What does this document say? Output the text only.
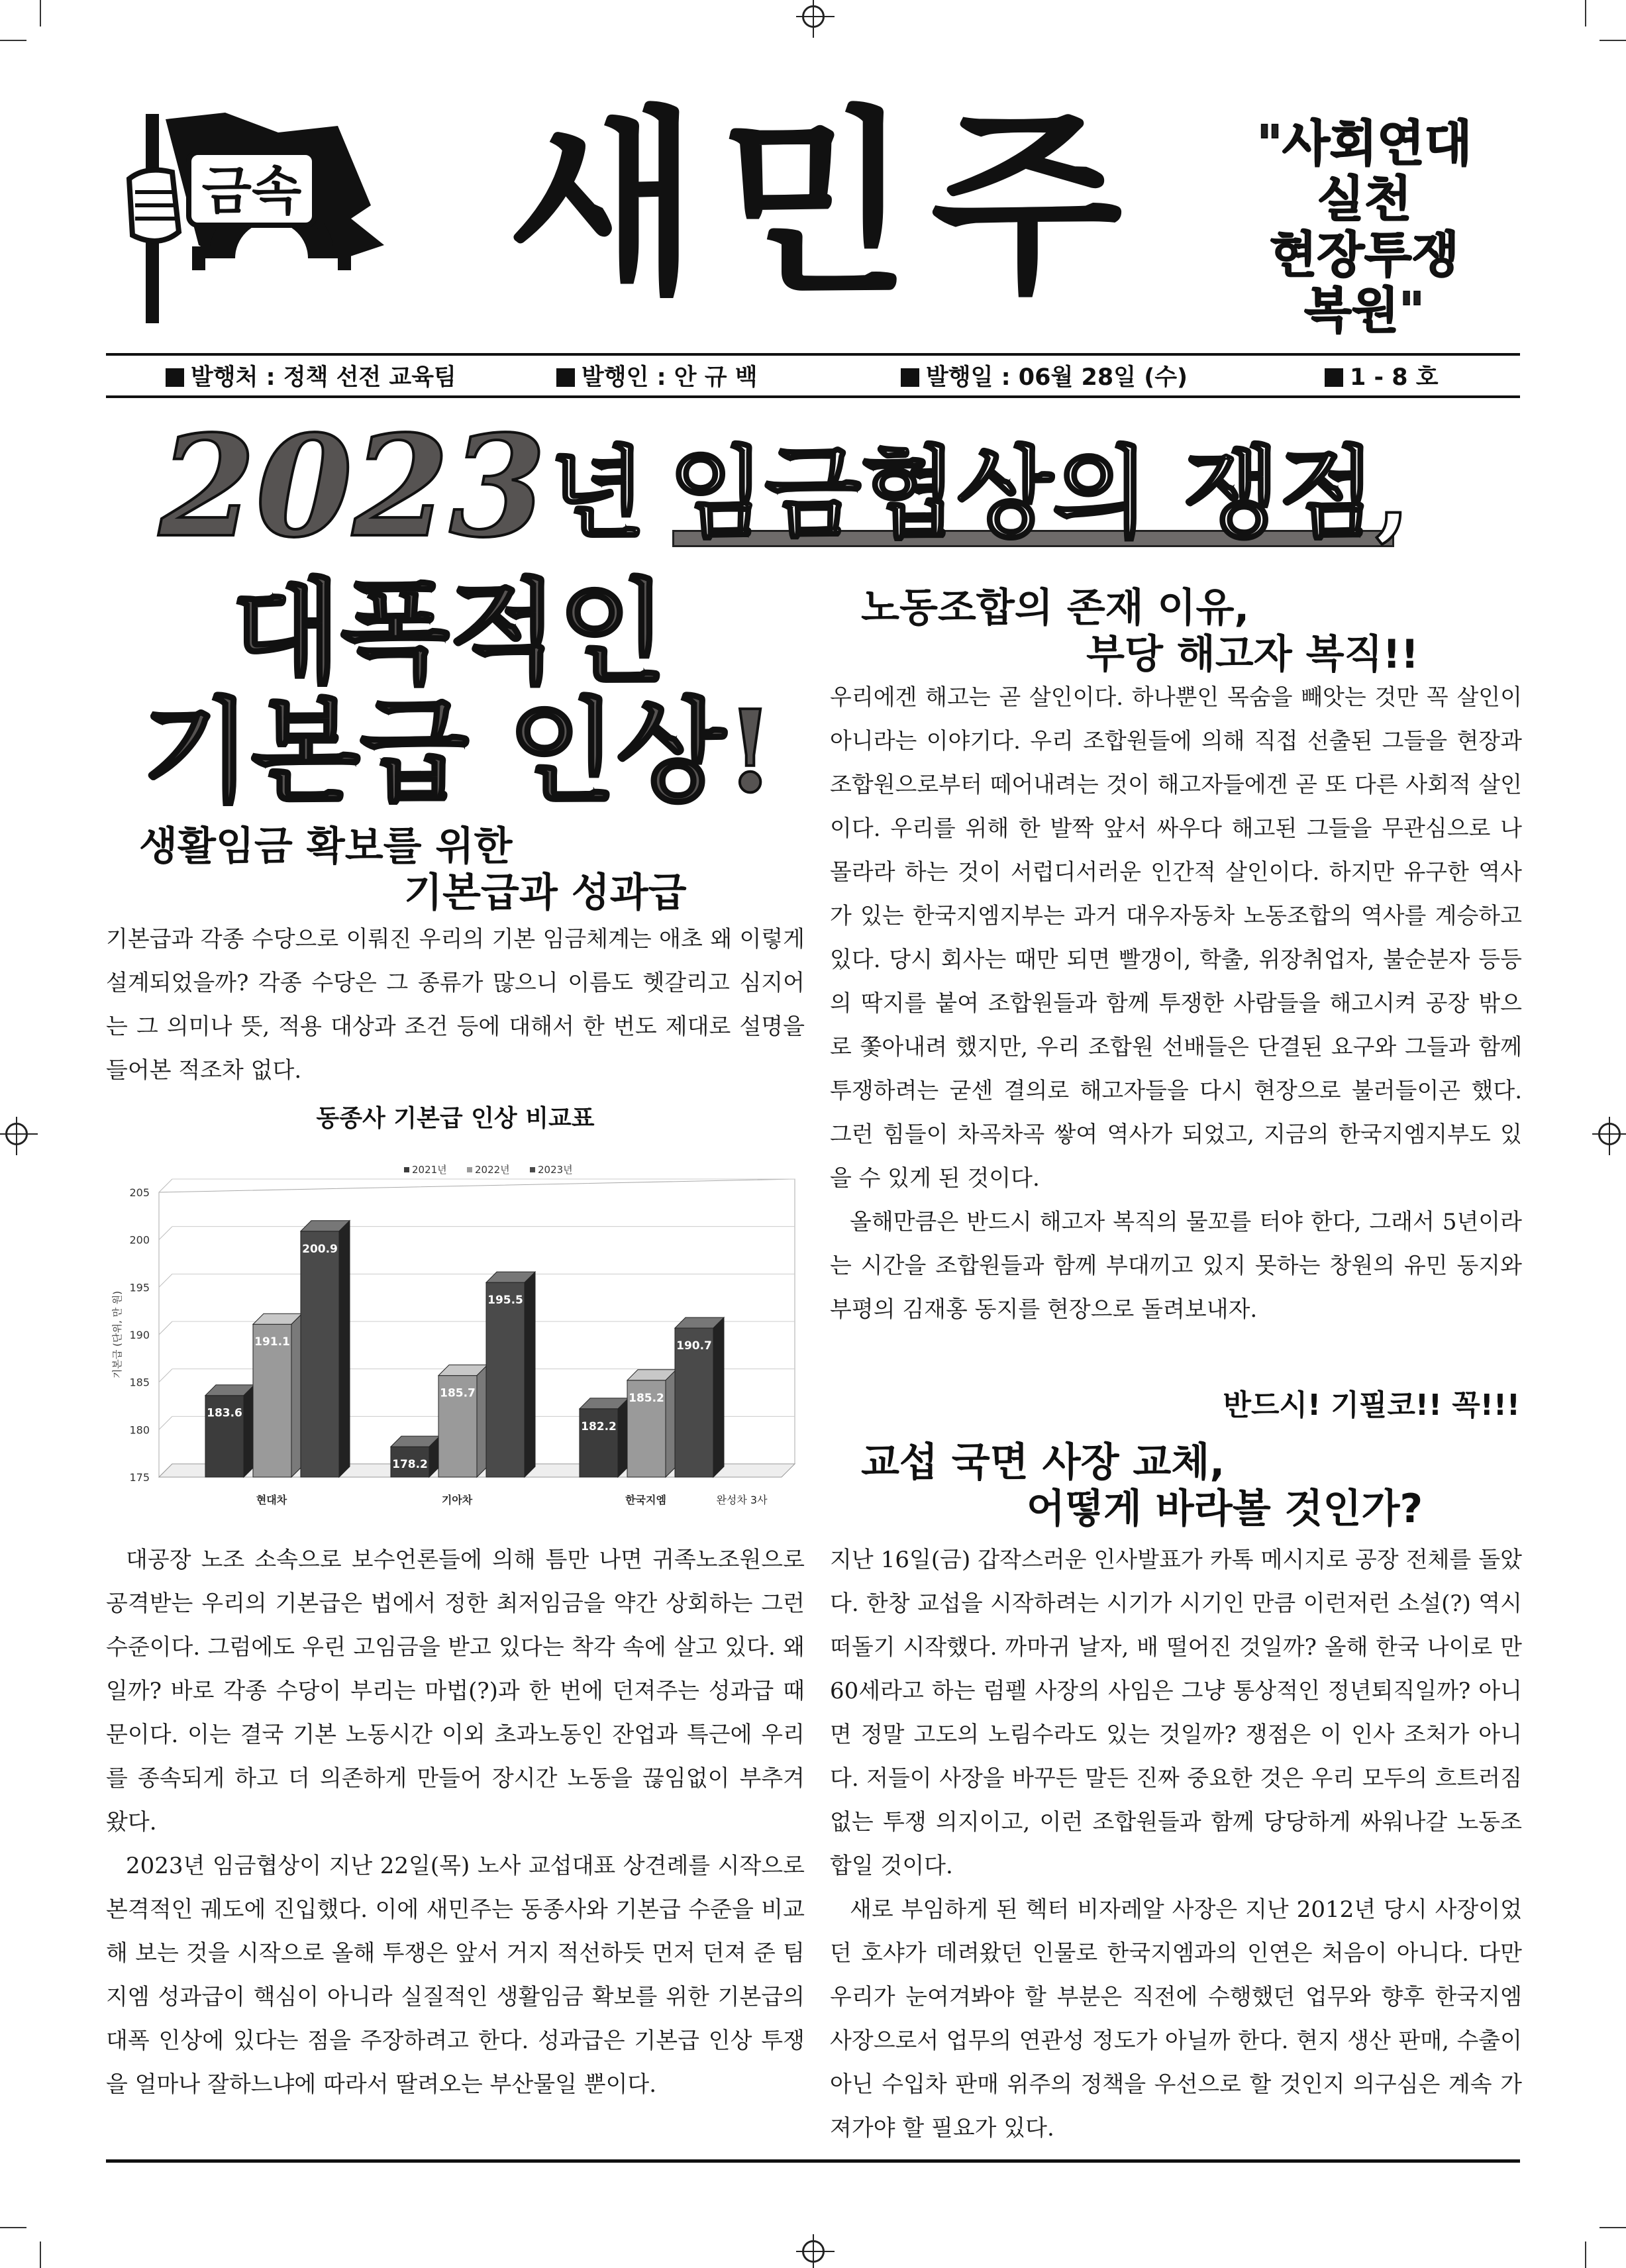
금속 새민주	"사회연대
실천
현장투쟁
복원"
발행처 : 정책 선전 교육팀	발행인 : 안 규 백	발행일 : 06월 28일 (수)	1 - 8 호
2023 년 임금협상의 쟁점,
대폭적인
기본급 인상!
생활임금 확보를 위한
기본급과 성과급

기본급과 각종 수당으로 이뤄진 우리의 기본 임금체계는 애초 왜 이렇게 설계되었을까? 각종 수당은 그 종류가 많으니 이름도 헷갈리고 심지어는 그 의미나 뜻, 적용 대상과 조건 등에 대해서 한 번도 제대로 설명을 들어본 적조차 없다.

동종사 기본급 인상 비교표
175
180
185
190
195
200
205
기본급 (단위, 만 원)
2021년	2022년	2023년
183.6
191.1
200.9
현대차
178.2
185.7
195.5
기아차
182.2
185.2
190.7
한국지엠	완성차 3사

대공장 노조 소속으로 보수언론들에 의해 틈만 나면 귀족노조원으로 공격받는 우리의 기본급은 법에서 정한 최저임금을 약간 상회하는 그런 수준이다. 그럼에도 우린 고임금을 받고 있다는 착각 속에 살고 있다. 왜일까? 바로 각종 수당이 부리는 마법(?)과 한 번에 던져주는 성과급 때문이다. 이는 결국 기본 노동시간 이외 초과노동인 잔업과 특근에 우리를 종속되게 하고 더 의존하게 만들어 장시간 노동을 끊임없이 부추겨 왔다.

2023년 임금협상이 지난 22일(목) 노사 교섭대표 상견례를 시작으로 본격적인 궤도에 진입했다. 이에 새민주는 동종사와 기본급 수준을 비교해 보는 것을 시작으로 올해 투쟁은 앞서 거지 적선하듯 먼저 던져 준 팀지엠 성과급이 핵심이 아니라 실질적인 생활임금 확보를 위한 기본급의 대폭 인상에 있다는 점을 주장하려고 한다. 성과급은 기본급 인상 투쟁을 얼마나 잘하느냐에 따라서 딸려오는 부산물일 뿐이다.

노동조합의 존재 이유,
부당 해고자 복직!!

우리에겐 해고는 곧 살인이다. 하나뿐인 목숨을 빼앗는 것만 꼭 살인이 아니라는 이야기다. 우리 조합원들에 의해 직접 선출된 그들을 현장과 조합원으로부터 떼어내려는 것이 해고자들에겐 곧 또 다른 사회적 살인이다. 우리를 위해 한 발짝 앞서 싸우다 해고된 그들을 무관심으로 나 몰라라 하는 것이 서럽디서러운 인간적 살인이다. 하지만 유구한 역사가 있는 한국지엠지부는 과거 대우자동차 노동조합의 역사를 계승하고 있다. 당시 회사는 때만 되면 빨갱이, 학출, 위장취업자, 불순분자 등등의 딱지를 붙여 조합원들과 함께 투쟁한 사람들을 해고시켜 공장 밖으로 쫓아내려 했지만, 우리 조합원 선배들은 단결된 요구와 그들과 함께 투쟁하려는 굳센 결의로 해고자들을 다시 현장으로 불러들이곤 했다. 그런 힘들이 차곡차곡 쌓여 역사가 되었고, 지금의 한국지엠지부도 있을 수 있게 된 것이다.

올해만큼은 반드시 해고자 복직의 물꼬를 터야 한다, 그래서 5년이라는 시간을 조합원들과 함께 부대끼고 있지 못하는 창원의 유민 동지와 부평의 김재홍 동지를 현장으로 돌려보내자.

반드시! 기필코!! 꼭!!!
교섭 국면 사장 교체,
어떻게 바라볼 것인가?

지난 16일(금) 갑작스러운 인사발표가 카톡 메시지로 공장 전체를 돌았다. 한창 교섭을 시작하려는 시기가 시기인 만큼 이런저런 소설(?) 역시 떠돌기 시작했다. 까마귀 날자, 배 떨어진 것일까? 올해 한국 나이로 만 60세라고 하는 럼펠 사장의 사임은 그냥 통상적인 정년퇴직일까? 아니면 정말 고도의 노림수라도 있는 것일까? 쟁점은 이 인사 조처가 아니다. 저들이 사장을 바꾸든 말든 진짜 중요한 것은 우리 모두의 흐트러짐 없는 투쟁 의지이고, 이런 조합원들과 함께 당당하게 싸워나갈 노동조합일 것이다.

새로 부임하게 된 헥터 비자레알 사장은 지난 2012년 당시 사장이었던 호샤가 데려왔던 인물로 한국지엠과의 인연은 처음이 아니다. 다만 우리가 눈여겨봐야 할 부분은 직전에 수행했던 업무와 향후 한국지엠 사장으로서 업무의 연관성 정도가 아닐까 한다. 현지 생산 판매, 수출이 아닌 수입차 판매 위주의 정책을 우선으로 할 것인지 의구심은 계속 가져가야 할 필요가 있다.
